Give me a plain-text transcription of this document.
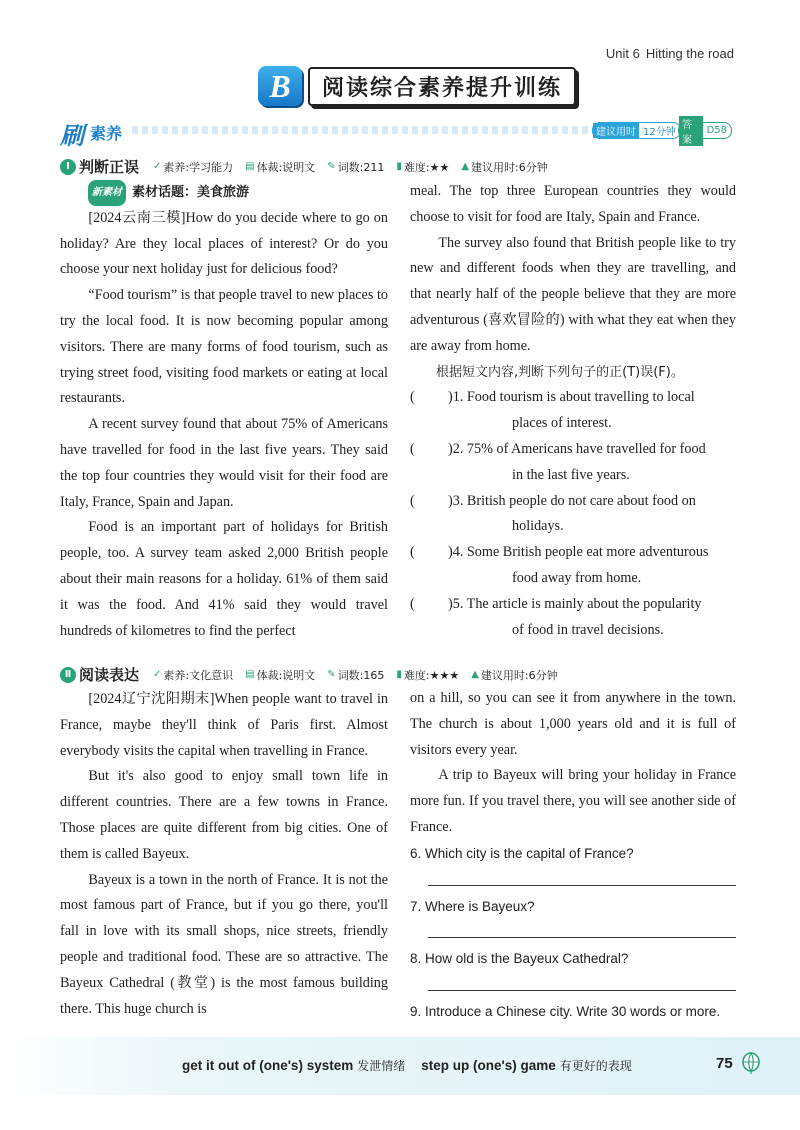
Unit 6 Hitting the road
B	阅读综合素养提升训练
刷 素养	建议用时 12分钟
答案
D58
Ⅰ 判断正误 ✓ 素养:学习能力 ▤ 体裁:说明文 ✎ 词数:211 ▮ 难度:★★ ▲ 建议用时:6分钟
新素材 素材话题：美食旅游

[2024云南三模]How do you decide where to go on holiday? Are they local places of interest? Or do you choose your next holiday just for delicious food?

“Food tourism” is that people travel to new places to try the local food. It is now becoming popular among visitors. There are many forms of food tourism, such as trying street food, visiting food markets or eating at local restaurants.

A recent survey found that about 75% of Americans have travelled for food in the last five years. They said the top four countries they would visit for their food are Italy, France, Spain and Japan.

Food is an important part of holidays for British people, too. A survey team asked 2,000 British people about their main reasons for a holiday. 61% of them said it was the food. And 41% said they would travel hundreds of kilometres to find the perfect

meal. The top three European countries they would choose to visit for food are Italy, Spain and France.

The survey also found that British people like to try new and different foods when they are travelling, and that nearly half of the people believe that they are more adventurous (喜欢冒险的) with what they eat when they are away from home.

根据短文内容,判断下列句子的正(T)误(F)。

(	)1. Food tourism is about travelling to local
places of interest.
(	)2. 75% of Americans have travelled for food
in the last five years.
(	)3. British people do not care about food on
holidays.
(	)4. Some British people eat more adventurous
food away from home.
(	)5. The article is mainly about the popularity
of food in travel decisions.
Ⅱ 阅读表达 ✓ 素养:文化意识 ▤ 体裁:说明文 ✎ 词数:165 ▮ 难度:★★★ ▲ 建议用时:6分钟

[2024辽宁沈阳期末]When people want to travel in France, maybe they'll think of Paris first. Almost everybody visits the capital when travelling in France.

But it's also good to enjoy small town life in different countries. There are a few towns in France. Those places are quite different from big cities. One of them is called Bayeux.

Bayeux is a town in the north of France. It is not the most famous part of France, but if you go there, you'll fall in love with its small shops, nice streets, friendly people and traditional food. These are so attractive. The Bayeux Cathedral (教堂) is the most famous building there. This huge church is

on a hill, so you can see it from anywhere in the town. The church is about 1,000 years old and it is full of visitors every year.

A trip to Bayeux will bring your holiday in France more fun. If you travel there, you will see another side of France.

6. Which city is the capital of France?
7. Where is Bayeux?
8. How old is the Bayeux Cathedral?
9. Introduce a Chinese city. Write 30 words or more.
get it out of (one's) system 发泄情绪 step up (one's) game 有更好的表现	75
